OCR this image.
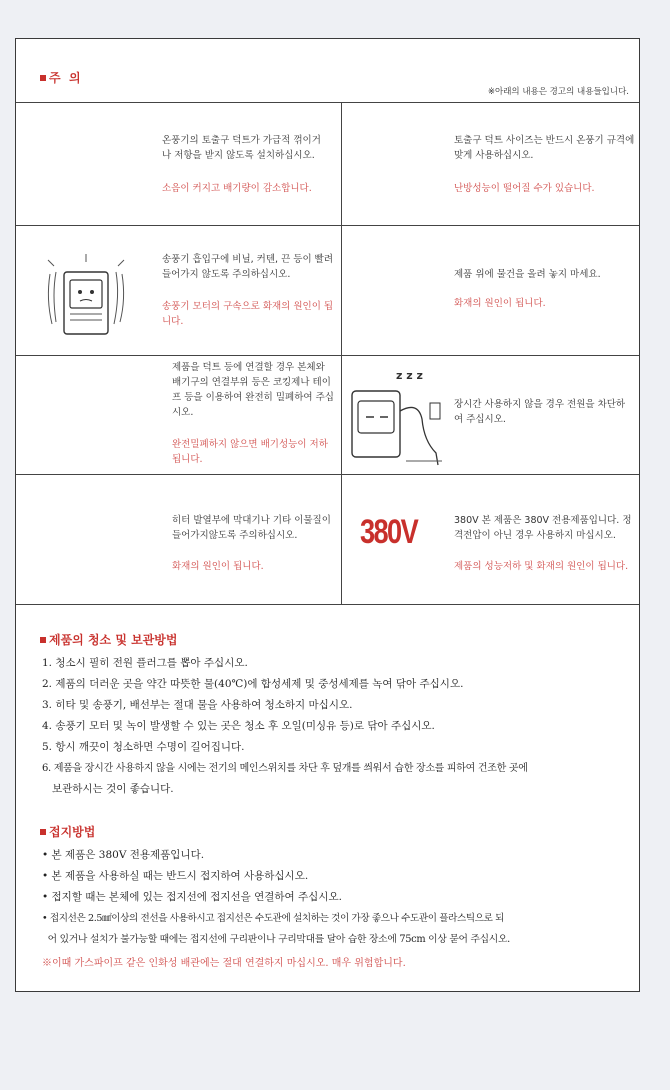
주  의
※아래의 내용은 경고의 내용들입니다.
온풍기의 토출구 덕트가 가급적 꺾이거 나 저항을 받지 않도록 설치하십시오.
소음이 커지고 배기량이 감소합니다.
토출구 덕트 사이즈는 반드시 온풍기 규격에 맞게 사용하십시오.
난방성능이 떨어질 수가 있습니다.
송풍기 흡입구에 비닐, 커텐, 끈 등이 빨려 들어가지 않도록 주의하십시오.
송풍기 모터의 구속으로 화재의 원인이 됩니다.
제품 위에 물건을 올려 놓지 마세요.
화재의 원인이 됩니다.
제품을 덕트 등에 연결할 경우 본체와 배기구의 연결부위 등은 코킹제나 테이프 등을 이용하여 완전히 밀폐하여 주십시오.
완전밀폐하지 않으면 배기성능이 저하됩니다.
z z z
장시간 사용하지 않을 경우 전원을 차단하여 주십시오.
히터 발열부에 막대기나 기타 이물질이 들어가지않도록 주의하십시오.
화재의 원인이 됩니다.
380V	380V 본 제품은 380V 전용제품입니다. 정격전압이 아닌 경우 사용하지 마십시오.
제품의 성능저하 및 화재의 원인이 됩니다.
제품의 청소 및 보관방법
1. 청소시 필히 전원 플러그를 뽑아 주십시오.
2. 제품의 더러운 곳을 약간 따뜻한 물(40℃)에 합성세제 및 중성세제를 녹여 닦아 주십시오.
3. 히타 및 송풍기, 배선부는 절대 물을 사용하여 청소하지 마십시오.
4. 송풍기 모터 및 녹이 발생할 수 있는 곳은 청소 후 오일(미싱유 등)로 닦아 주십시오.
5. 항시 깨끗이 청소하면 수명이 길어집니다.
6. 제품을 장시간 사용하지 않을 시에는 전기의 메인스위치를 차단 후 덮개를 씌워서 습한 장소를 피하여 건조한 곳에
보관하시는 것이 좋습니다.
접지방법
• 본 제품은 380V 전용제품입니다.
• 본 제품을 사용하실 때는 반드시 접지하여 사용하십시오.
• 접지할 때는 본체에 있는 접지선에 접지선을 연결하여 주십시오.
• 접지선은 2.5㎟이상의 전선을 사용하시고 접지선은 수도관에 설치하는 것이 가장 좋으나 수도관이 플라스틱으로 되
어 있거나 설치가 불가능할 때에는 접지선에 구리판이나 구리막대를 달아 습한 장소에 75cm 이상 묻어 주십시오.
※이때 가스파이프 같은 인화성 배관에는 절대 연결하지 마십시오. 매우 위험합니다.
